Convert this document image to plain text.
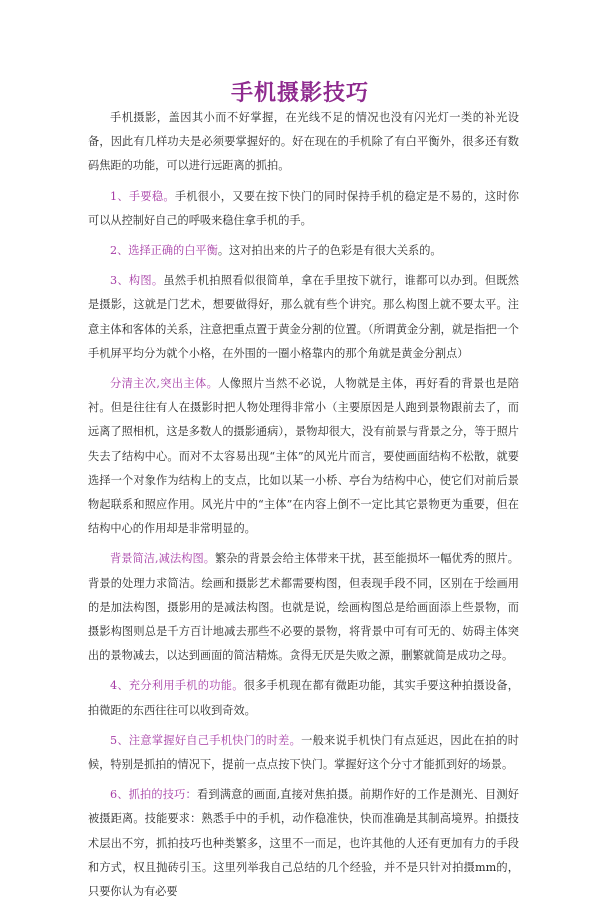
手机摄影技巧

手机摄影，盖因其小而不好掌握，在光线不足的情况也没有闪光灯一类的补光设备，因此有几样功夫是必须要掌握好的。好在现在的手机除了有白平衡外，很多还有数码焦距的功能，可以进行远距离的抓拍。

1、手要稳。手机很小，又要在按下快门的同时保持手机的稳定是不易的，这时你可以从控制好自己的呼吸来稳住拿手机的手。

2、选择正确的白平衡。这对拍出来的片子的色彩是有很大关系的。

3、构图。虽然手机拍照看似很简单，拿在手里按下就行，谁都可以办到。但既然是摄影，这就是门艺术，想要做得好，那么就有些个讲究。那么构图上就不要太平。注意主体和客体的关系，注意把重点置于黄金分割的位置。（所谓黄金分割，就是指把一个手机屏平均分为就个小格，在外围的一圈小格靠内的那个角就是黄金分割点）

分清主次,突出主体。人像照片当然不必说，人物就是主体，再好看的背景也是陪衬。但是往往有人在摄影时把人物处理得非常小（主要原因是人跑到景物跟前去了，而远离了照相机，这是多数人的摄影通病），景物却很大，没有前景与背景之分，等于照片失去了结构中心。而对不太容易出现“主体”的风光片而言，要使画面结构不松散，就要选择一个对象作为结构上的支点，比如以某一小桥、亭台为结构中心，使它们对前后景物起联系和照应作用。风光片中的“主体”在内容上倒不一定比其它景物更为重要，但在结构中心的作用却是非常明显的。

背景简洁,减法构图。繁杂的背景会给主体带来干扰，甚至能损坏一幅优秀的照片。背景的处理力求简洁。绘画和摄影艺术都需要构图，但表现手段不同，区别在于绘画用的是加法构图，摄影用的是减法构图。也就是说，绘画构图总是给画面添上些景物，而摄影构图则总是千方百计地减去那些不必要的景物，将背景中可有可无的、妨碍主体突出的景物减去，以达到画面的简洁精炼。贪得无厌是失败之源，删繁就简是成功之母。

4、充分利用手机的功能。很多手机现在都有微距功能，其实手要这种拍摄设备，拍微距的东西往往可以收到奇效。

5、注意掌握好自己手机快门的时差。一般来说手机快门有点延迟，因此在拍的时候，特别是抓拍的情况下，提前一点点按下快门。掌握好这个分寸才能抓到好的场景。

6、抓拍的技巧：看到满意的画面,直接对焦拍摄。前期作好的工作是测光、目测好被摄距离。技能要求：熟悉手中的手机，动作稳准快，快而准确是其制高境界。拍摄技术层出不穷，抓拍技巧也种类繁多，这里不一而足，也许其他的人还有更加有力的手段和方式，权且抛砖引玉。这里列举我自己总结的几个经验，并不是只针对拍摄mm的，只要你认为有必要
